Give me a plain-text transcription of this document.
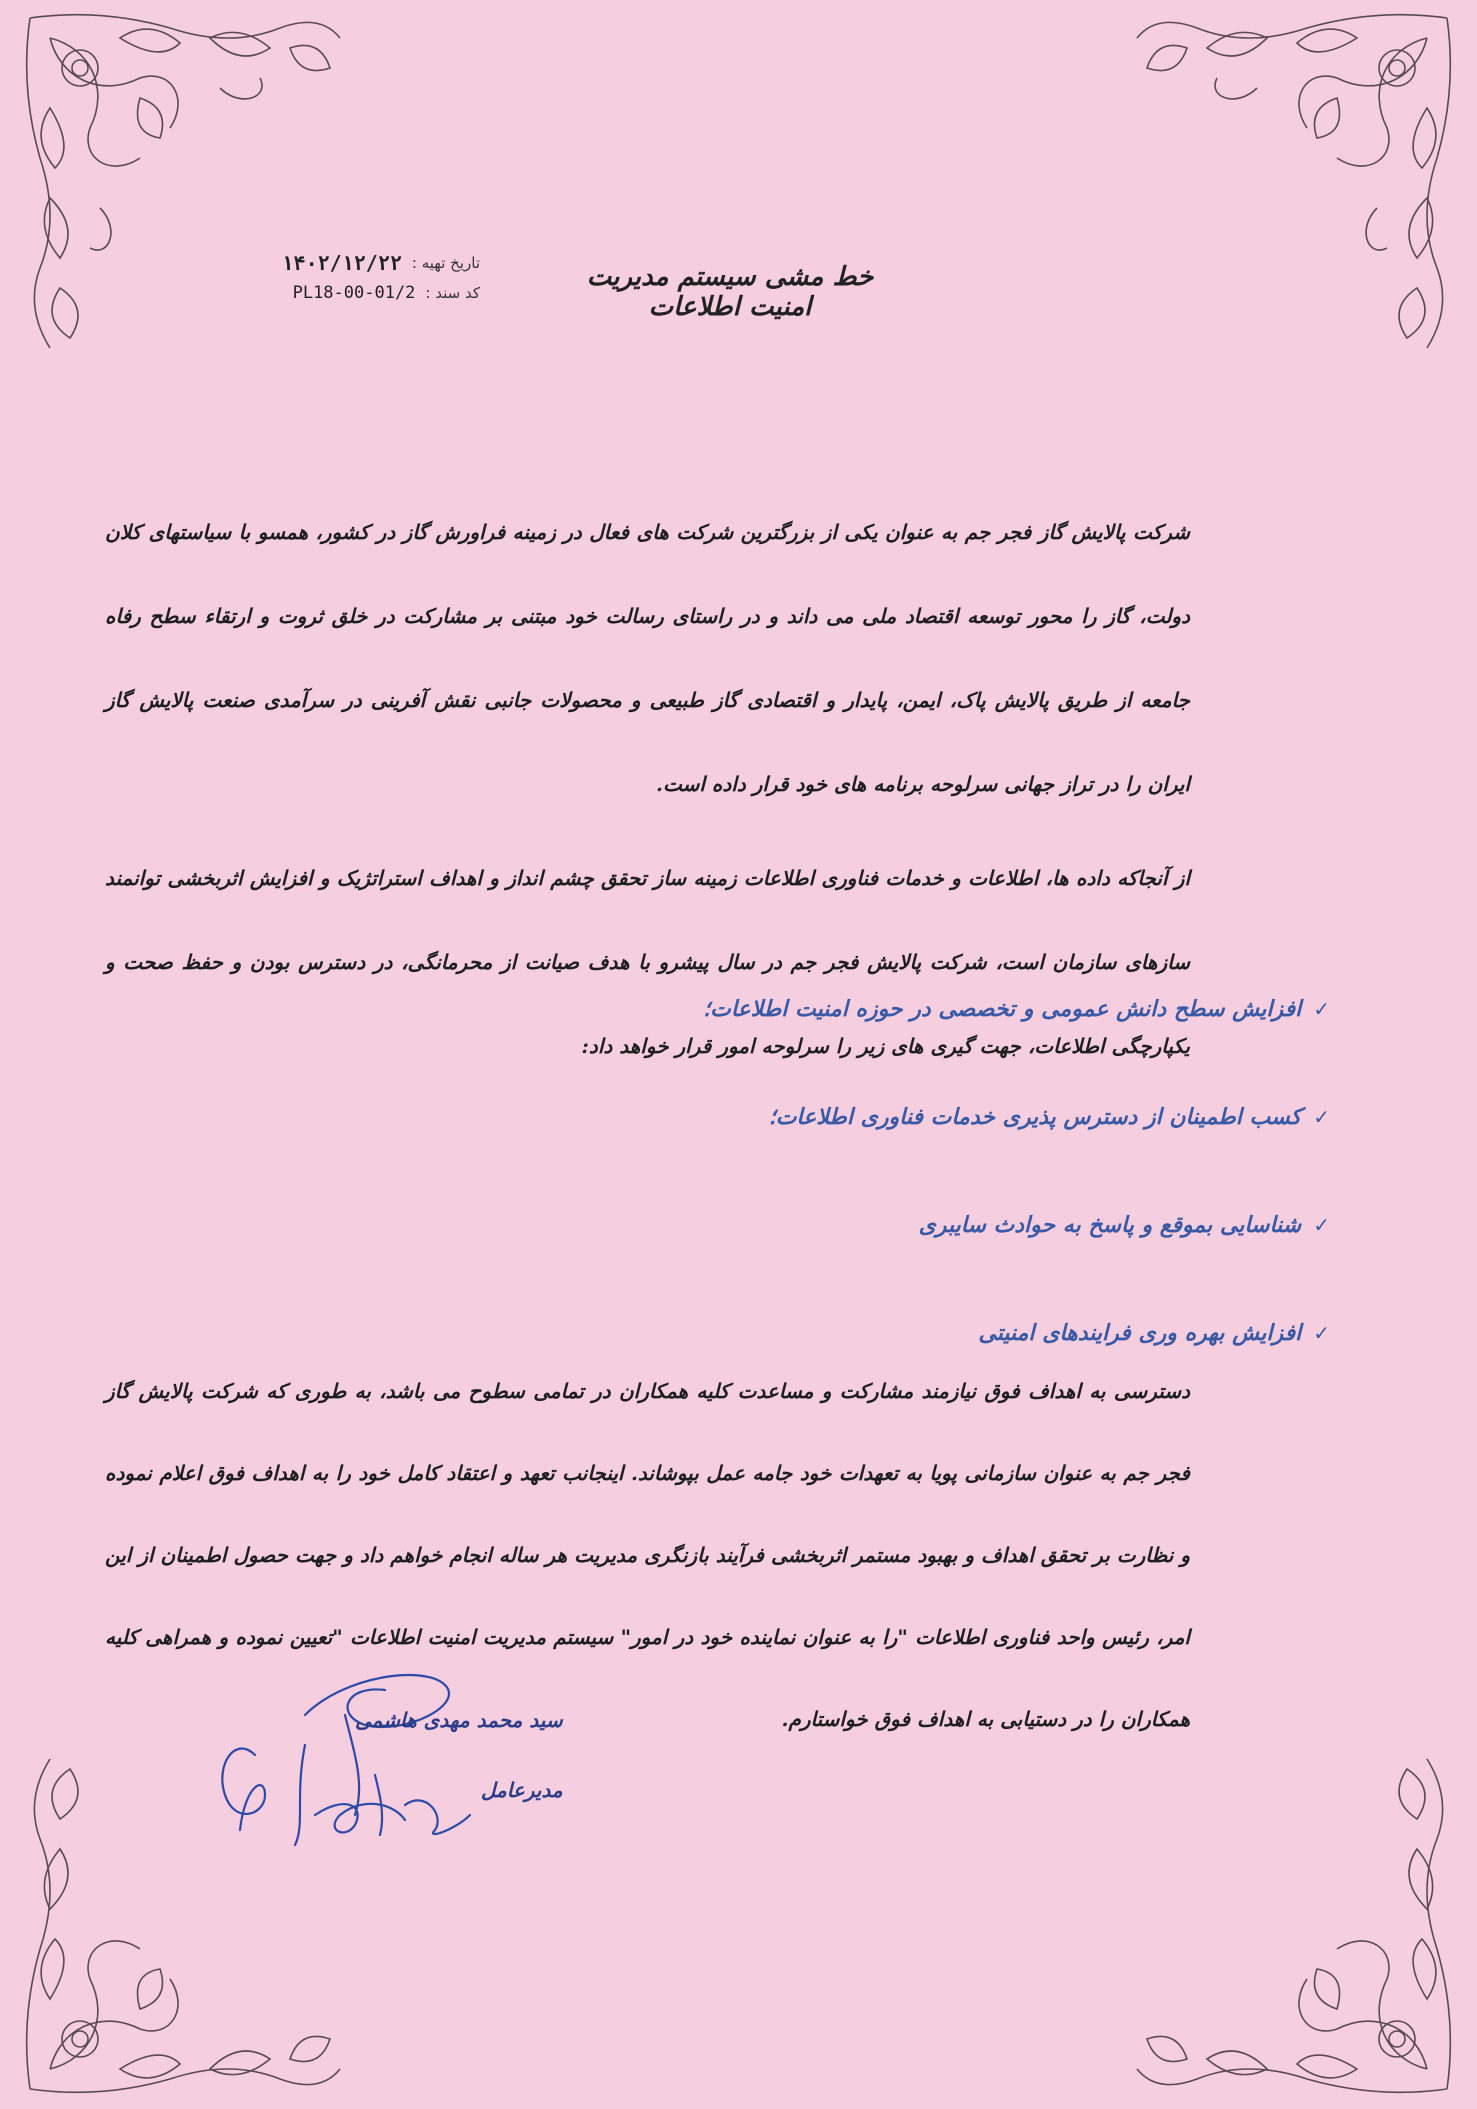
تاریخ تهیه :
۱۴۰۲/۱۲/۲۲
کد سند :
PL18-00-01/2
خط مشی سیستم مدیریت امنیت اطلاعات

شرکت پالایش گاز فجر جم به عنوان یکی از بزرگترین شرکت های فعال در زمینه فراورش گاز در کشور، همسو با سیاستهای کلان دولت، گاز را محور توسعه اقتصاد ملی می داند و در راستای رسالت خود مبتنی بر مشارکت در خلق ثروت و ارتقاء سطح رفاه جامعه از طریق پالایش پاک، ایمن، پایدار و اقتصادی گاز طبیعی و محصولات جانبی نقش آفرینی در سرآمدی صنعت پالایش گاز ایران را در تراز جهانی سرلوحه برنامه های خود قرار داده است.

از آنجاکه داده ها، اطلاعات و خدمات فناوری اطلاعات زمینه ساز تحقق چشم انداز و اهداف استراتژیک و افزایش اثربخشی توانمند سازهای سازمان است، شرکت پالایش فجر جم در سال پیشرو با هدف صیانت از محرمانگی، در دسترس بودن و حفظ صحت و یکپارچگی اطلاعات، جهت گیری های زیر را سرلوحه امور قرار خواهد داد:

✓
افزایش سطح دانش عمومی و تخصصی در حوزه امنیت اطلاعات؛
✓
کسب اطمینان از دسترس پذیری خدمات فناوری اطلاعات؛
✓
شناسایی بموقع و پاسخ به حوادث سایبری
✓
افزایش بهره وری فرایندهای امنیتی
دسترسی به اهداف فوق نیازمند مشارکت و مساعدت کلیه همکاران در تمامی سطوح می باشد، به طوری که شرکت پالایش گاز فجر جم به عنوان سازمانی پویا به تعهدات خود جامه عمل بپوشاند. اینجانب تعهد و اعتقاد کامل خود را به اهداف فوق اعلام نموده و نظارت بر تحقق اهداف و بهبود مستمر اثربخشی فرآیند بازنگری مدیریت هر ساله انجام خواهم داد و جهت حصول اطمینان از این امر، رئیس واحد فناوری اطلاعات "را به عنوان نماینده خود در امور" سیستم مدیریت امنیت اطلاعات "تعیین نموده و همراهی کلیه همکاران را در دستیابی به اهداف فوق خواستارم.
سید محمد مهدی هاشمی
مدیرعامل
